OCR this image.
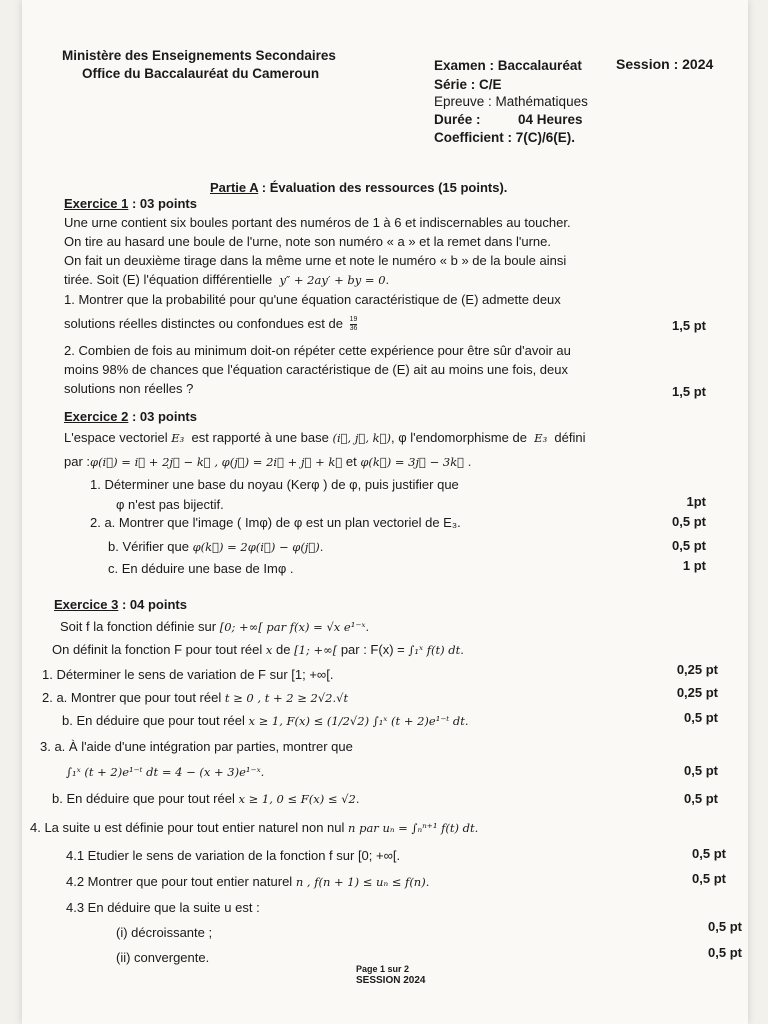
Ministère des Enseignements Secondaires
Office du Baccalauréat du Cameroun
Examen : Baccalauréat Session : 2024
Série : C/E
Epreuve : Mathématiques
Durée :	04 Heures
Coefficient : 7(C)/6(E).
Partie A : Évaluation des ressources (15 points).
Exercice 1 : 03 points
Une urne contient six boules portant des numéros de 1 à 6 et indiscernables au toucher.
On tire au hasard une boule de l'urne, note son numéro « a » et la remet dans l'urne.
On fait un deuxième tirage dans la même urne et note le numéro « b » de la boule ainsi
tirée. Soit (E) l'équation différentielle y″ + 2ay′ + by = 0.
1. Montrer que la probabilité pour qu'une équation caractéristique de (E) admette deux
solutions réelles distinctes ou confondues est de $\frac{19}{36}$	1,5 pt
2. Combien de fois au minimum doit-on répéter cette expérience pour être sûr d'avoir au
moins 98% de chances que l'équation caractéristique de (E) ait au moins une fois, deux
solutions non réelles ?	1,5 pt
Exercice 2 : 03 points
L'espace vectoriel E₃ est rapporté à une base (i⃗, j⃗, k⃗), φ l'endomorphisme de E₃ défini
par :φ(i⃗) = i⃗ + 2j⃗ − k⃗ , φ(j⃗) = 2i⃗ + j⃗ + k⃗ et φ(k⃗) = 3j⃗ − 3k⃗ .
1. Déterminer une base du noyau (Kerφ ) de φ, puis justifier que
φ n'est pas bijectif.	1pt
2. a. Montrer que l'image ( Imφ) de φ est un plan vectoriel de E₃.	0,5 pt
b. Vérifier que φ(k⃗) = 2φ(i⃗) − φ(j⃗).	0,5 pt
c. En déduire une base de Imφ .	1 pt
Exercice 3 : 04 points
Soit f la fonction définie sur [0; +∞[ par f(x) = √x e¹⁻ˣ.
On définit la fonction F pour tout réel x de [1; +∞[ par : F(x) = ∫₁ˣ f(t) dt.
1. Déterminer le sens de variation de F sur [1; +∞[.	0,25 pt
2. a. Montrer que pour tout réel t ≥ 0 , t + 2 ≥ 2√2.√t	0,25 pt
b. En déduire que pour tout réel x ≥ 1, F(x) ≤ (1/2√2) ∫₁ˣ (t + 2)e¹⁻ᵗ dt.	0,5 pt
3. a. À l'aide d'une intégration par parties, montrer que
∫₁ˣ (t + 2)e¹⁻ᵗ dt = 4 − (x + 3)e¹⁻ˣ.	0,5 pt
b. En déduire que pour tout réel x ≥ 1, 0 ≤ F(x) ≤ √2.	0,5 pt
4. La suite u est définie pour tout entier naturel non nul n par uₙ = ∫ₙⁿ⁺¹ f(t) dt.
4.1 Etudier le sens de variation de la fonction f sur [0; +∞[.	0,5 pt
4.2 Montrer que pour tout entier naturel n , f(n + 1) ≤ uₙ ≤ f(n).	0,5 pt
4.3 En déduire que la suite u est :
(i) décroissante ;	0,5 pt
(ii) convergente.	0,5 pt
Page 1 sur 2
SESSION 2024
